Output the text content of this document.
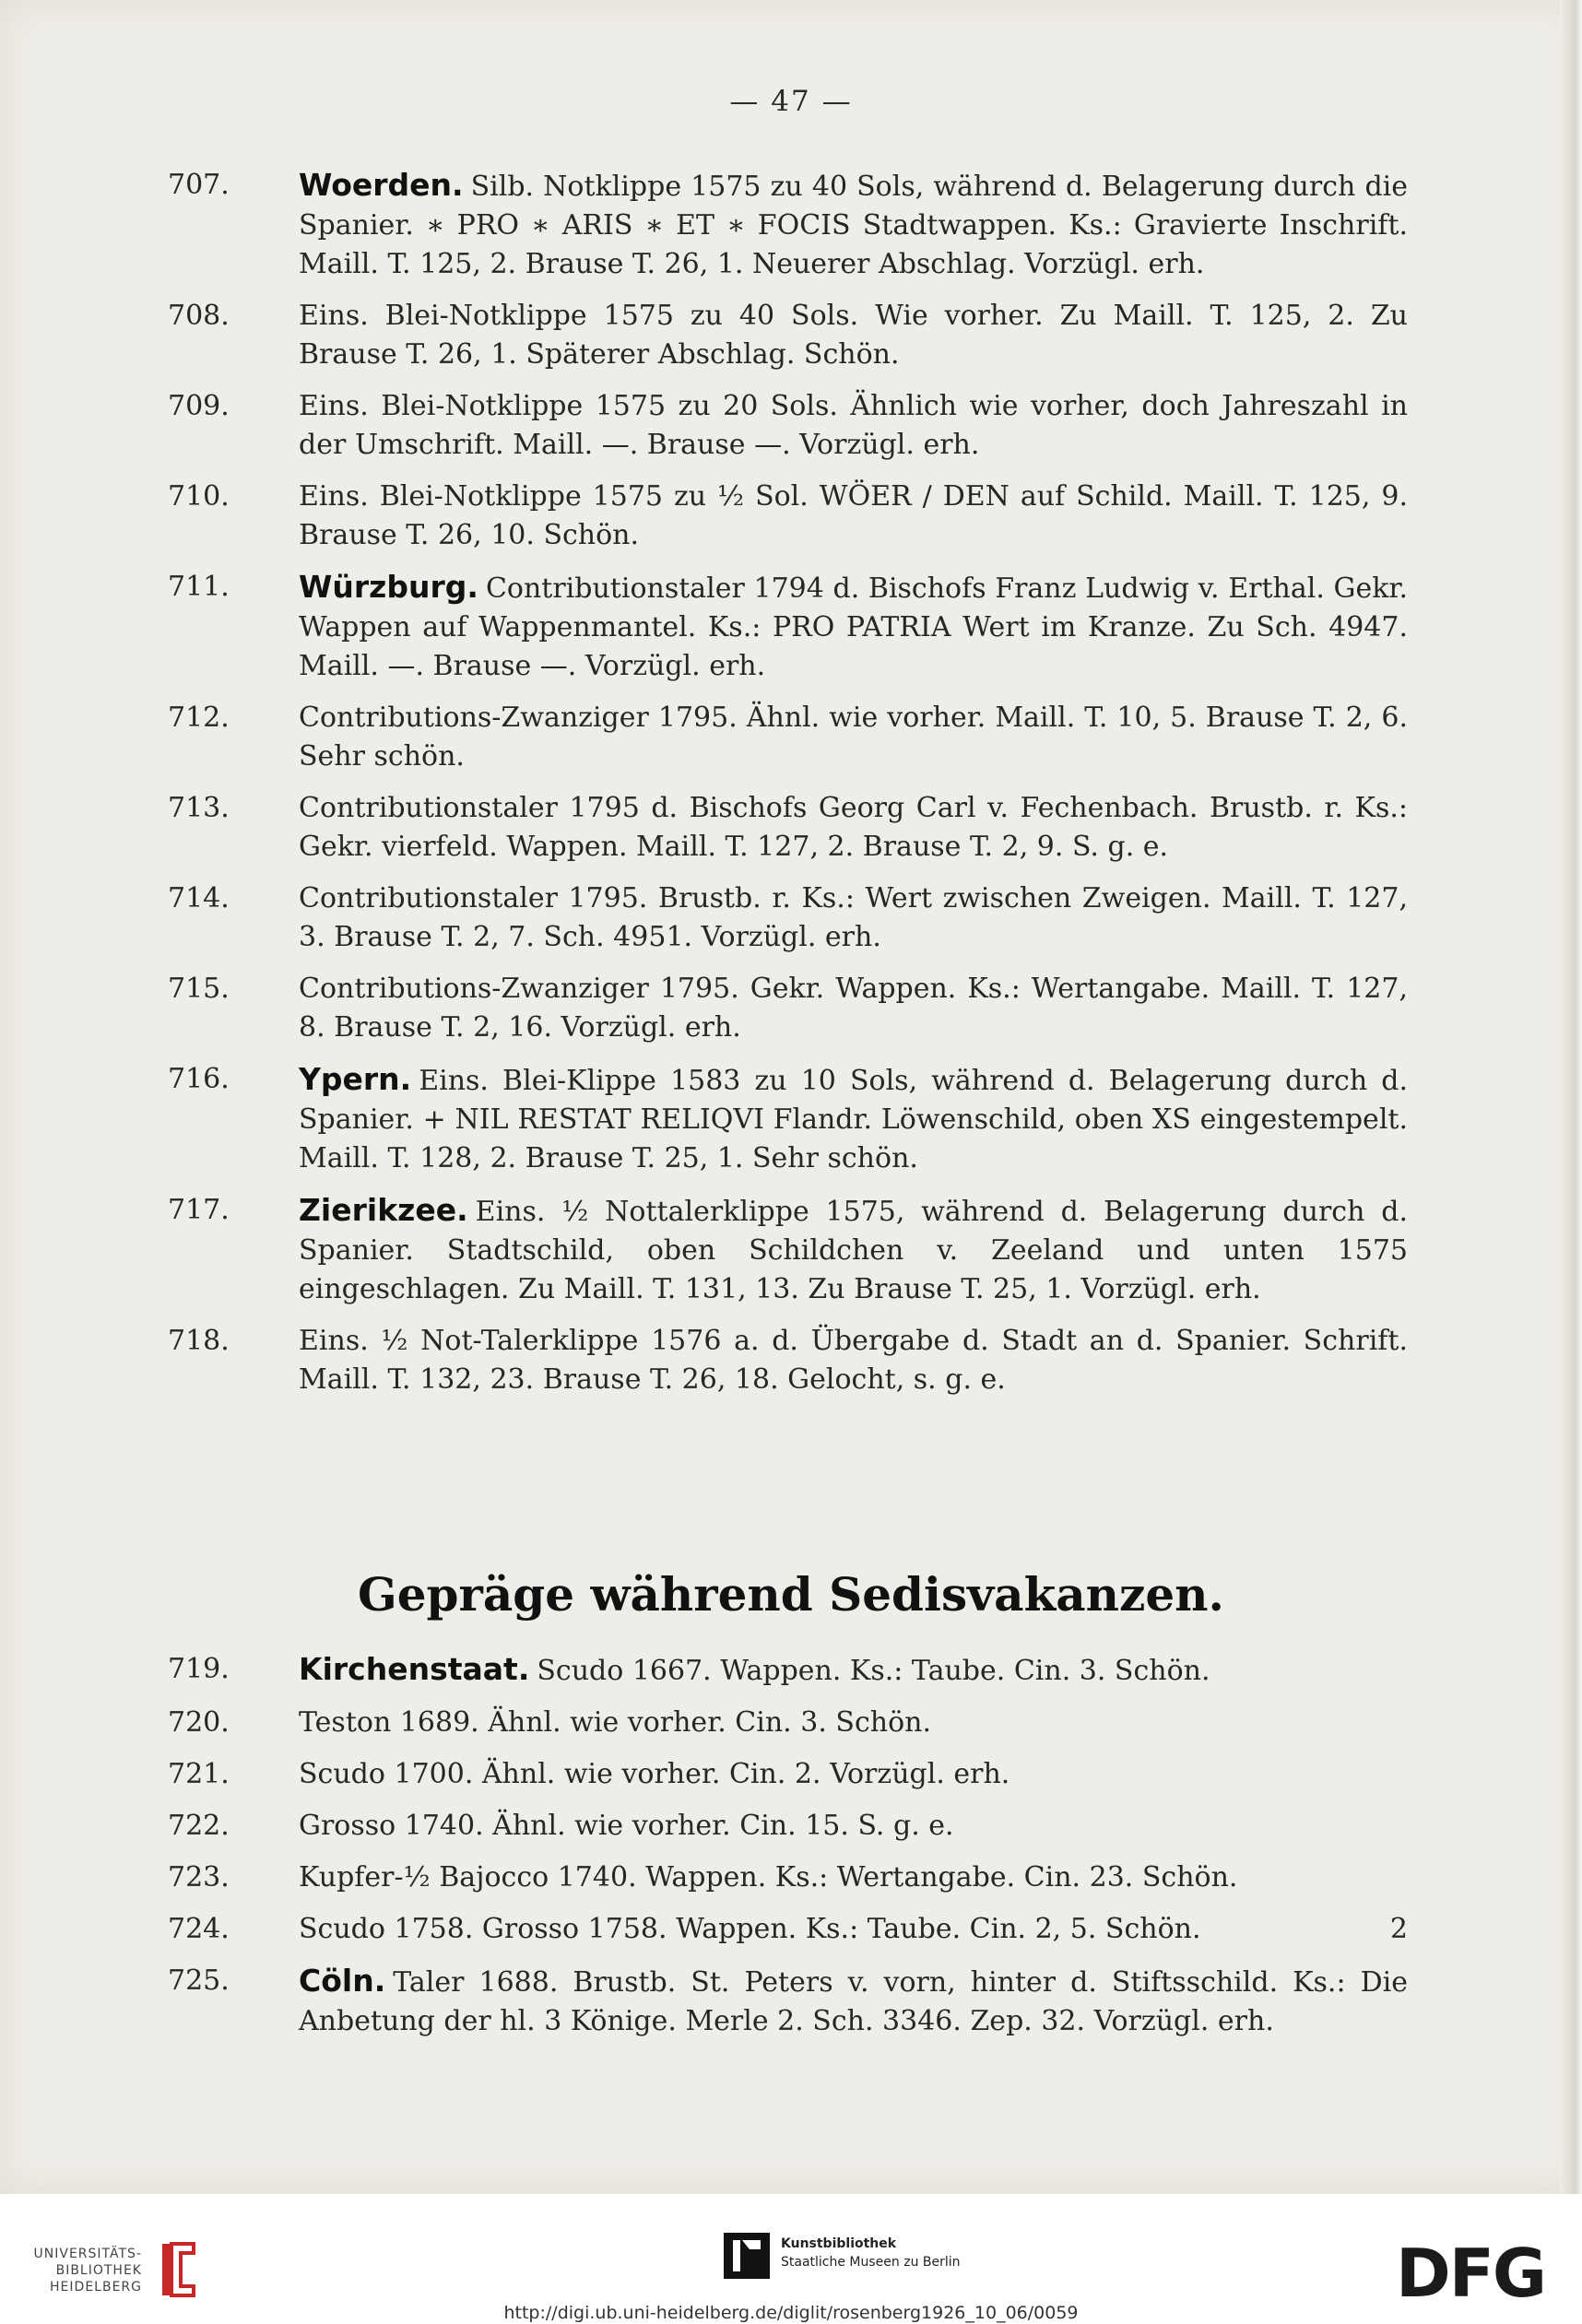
— 47 —
707.	Woerden. Silb. Notklippe 1575 zu 40 Sols, während d. Belagerung durch die Spanier. ∗ PRO ∗ ARIS ∗ ET ∗ FOCIS Stadtwappen. Ks.: Gravierte Inschrift. Maill. T. 125, 2. Brause T. 26, 1. Neuerer Abschlag. Vorzügl. erh.
708.	Eins. Blei-Notklippe 1575 zu 40 Sols. Wie vorher. Zu Maill. T. 125, 2. Zu Brause T. 26, 1. Späterer Abschlag. Schön.
709.	Eins. Blei-Notklippe 1575 zu 20 Sols. Ähnlich wie vorher, doch Jahreszahl in der Umschrift. Maill. —. Brause —. Vorzügl. erh.
710.	Eins. Blei-Notklippe 1575 zu ½ Sol. WÖER / DEN auf Schild. Maill. T. 125, 9. Brause T. 26, 10. Schön.
711.	Würzburg. Contributionstaler 1794 d. Bischofs Franz Ludwig v. Erthal. Gekr. Wappen auf Wappenmantel. Ks.: PRO PATRIA Wert im Kranze. Zu Sch. 4947. Maill. —. Brause —. Vorzügl. erh.
712.	Contributions-Zwanziger 1795. Ähnl. wie vorher. Maill. T. 10, 5. Brause T. 2, 6. Sehr schön.
713.	Contributionstaler 1795 d. Bischofs Georg Carl v. Fechenbach. Brustb. r. Ks.: Gekr. vierfeld. Wappen. Maill. T. 127, 2. Brause T. 2, 9. S. g. e.
714.	Contributionstaler 1795. Brustb. r. Ks.: Wert zwischen Zweigen. Maill. T. 127, 3. Brause T. 2, 7. Sch. 4951. Vorzügl. erh.
715.	Contributions-Zwanziger 1795. Gekr. Wappen. Ks.: Wertangabe. Maill. T. 127, 8. Brause T. 2, 16. Vorzügl. erh.
716.	Ypern. Eins. Blei-Klippe 1583 zu 10 Sols, während d. Belagerung durch d. Spanier. + NIL RESTAT RELIQVI Flandr. Löwenschild, oben XS eingestempelt. Maill. T. 128, 2. Brause T. 25, 1. Sehr schön.
717.	Zierikzee. Eins. ½ Nottalerklippe 1575, während d. Belagerung durch d. Spanier. Stadtschild, oben Schildchen v. Zeeland und unten 1575 eingeschlagen. Zu Maill. T. 131, 13. Zu Brause T. 25, 1. Vorzügl. erh.
718.	Eins. ½ Not-Talerklippe 1576 a. d. Übergabe d. Stadt an d. Spanier. Schrift. Maill. T. 132, 23. Brause T. 26, 18. Gelocht, s. g. e.
Gepräge während Sedisvakanzen.
719.	Kirchenstaat. Scudo 1667. Wappen. Ks.: Taube. Cin. 3. Schön.
720.	Teston 1689. Ähnl. wie vorher. Cin. 3. Schön.
721.	Scudo 1700. Ähnl. wie vorher. Cin. 2. Vorzügl. erh.
722.	Grosso 1740. Ähnl. wie vorher. Cin. 15. S. g. e.
723.	Kupfer-½ Bajocco 1740. Wappen. Ks.: Wertangabe. Cin. 23. Schön.
724.	Scudo 1758. Grosso 1758. Wappen. Ks.: Taube. Cin. 2, 5. Schön.	2
725.	Cöln. Taler 1688. Brustb. St. Peters v. vorn, hinter d. Stiftsschild. Ks.: Die Anbetung der hl. 3 Könige. Merle 2. Sch. 3346. Zep. 32. Vorzügl. erh.
UNIVERSITÄTS-
BIBLIOTHEK
HEIDELBERG
Kunstbibliothek
Staatliche Museen zu Berlin	DFG
http://digi.ub.uni-heidelberg.de/diglit/rosenberg1926_10_06/0059
